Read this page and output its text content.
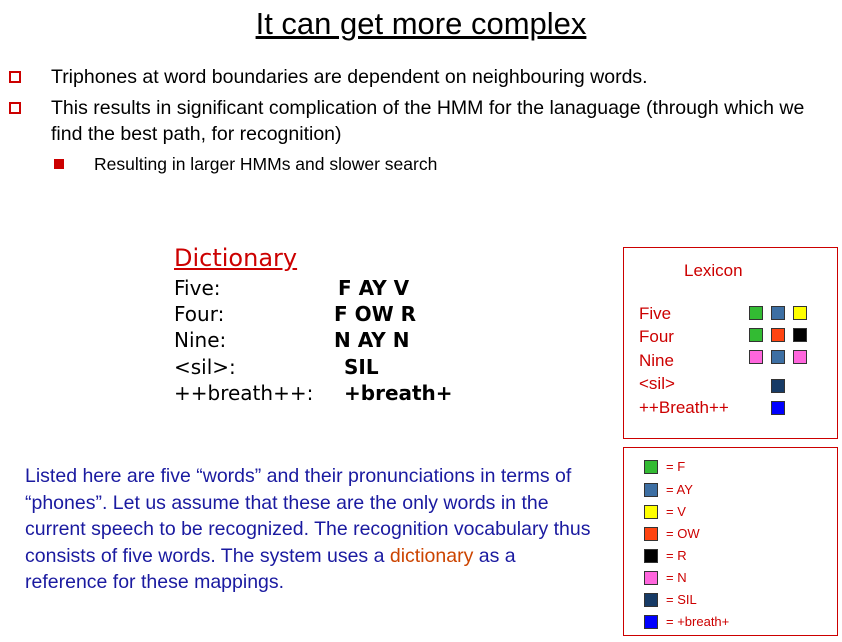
It can get more complex
Triphones at word boundaries are dependent on neighbouring words.
This results in significant complication of the HMM for the lanaguage (through which we find the best path, for recognition)
Resulting in larger HMMs and slower search
Dictionary
Five:	F AY V
Four:	F OW R
Nine:	N AY N
<sil>:	SIL
++breath++: +breath+
Lexicon
Five
Four
Nine
<sil>
++Breath++
= F
= AY
= V
= OW
= R
= N
= SIL
= +breath+
Listed here are five “words” and their pronunciations in terms of “phones”. Let us assume that these are the only words in the current speech to be recognized. The recognition vocabulary thus consists of five words. The system uses a dictionary as a reference for these mappings.
